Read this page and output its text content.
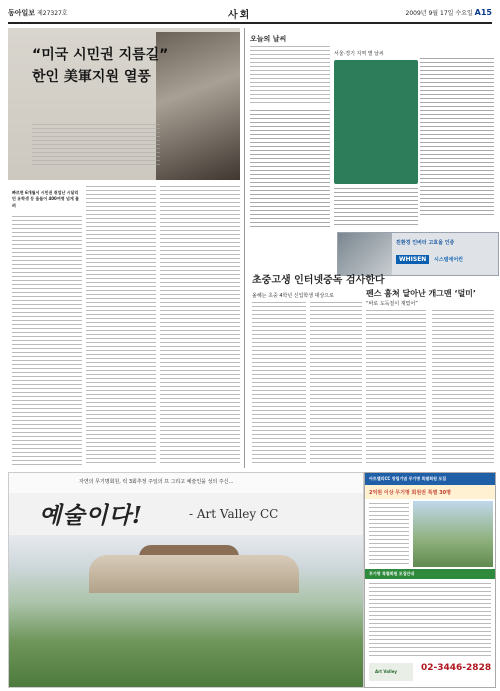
동아일보 제27327호	사회	2009년 9월 17일 수요일 A15
“미국 시민권 지름길”
한인 美軍지원 열풍
빠르면 6개월서 시민권 취업난 시달리던 유학생 등 올들어 400여명 넘게 몰려
오늘의 날씨
서울·경기 지역 별 날씨
친환경 인버터 고효율 인증
WHISEN	시스템에어컨
초중고생 인터넷중독 검사한다
올해는 초중 4학년 신입학생 대상으로	펜스 훔쳐 달아난 개그맨 ‘덜미’
“바로 도둑질이 재밌어”
자연의 무기명회원, 럭 3회추정 주일의 프 그리고 예술인을 성의 주신…
예술이다!	- Art Valley CC
아트밸리CC 창립기념 무기명 특별회원 모집
2억원 이상 무기명 회원권 특별 30명
무기명 특별회원 모집안내
Art Valley	02-3446-2828
